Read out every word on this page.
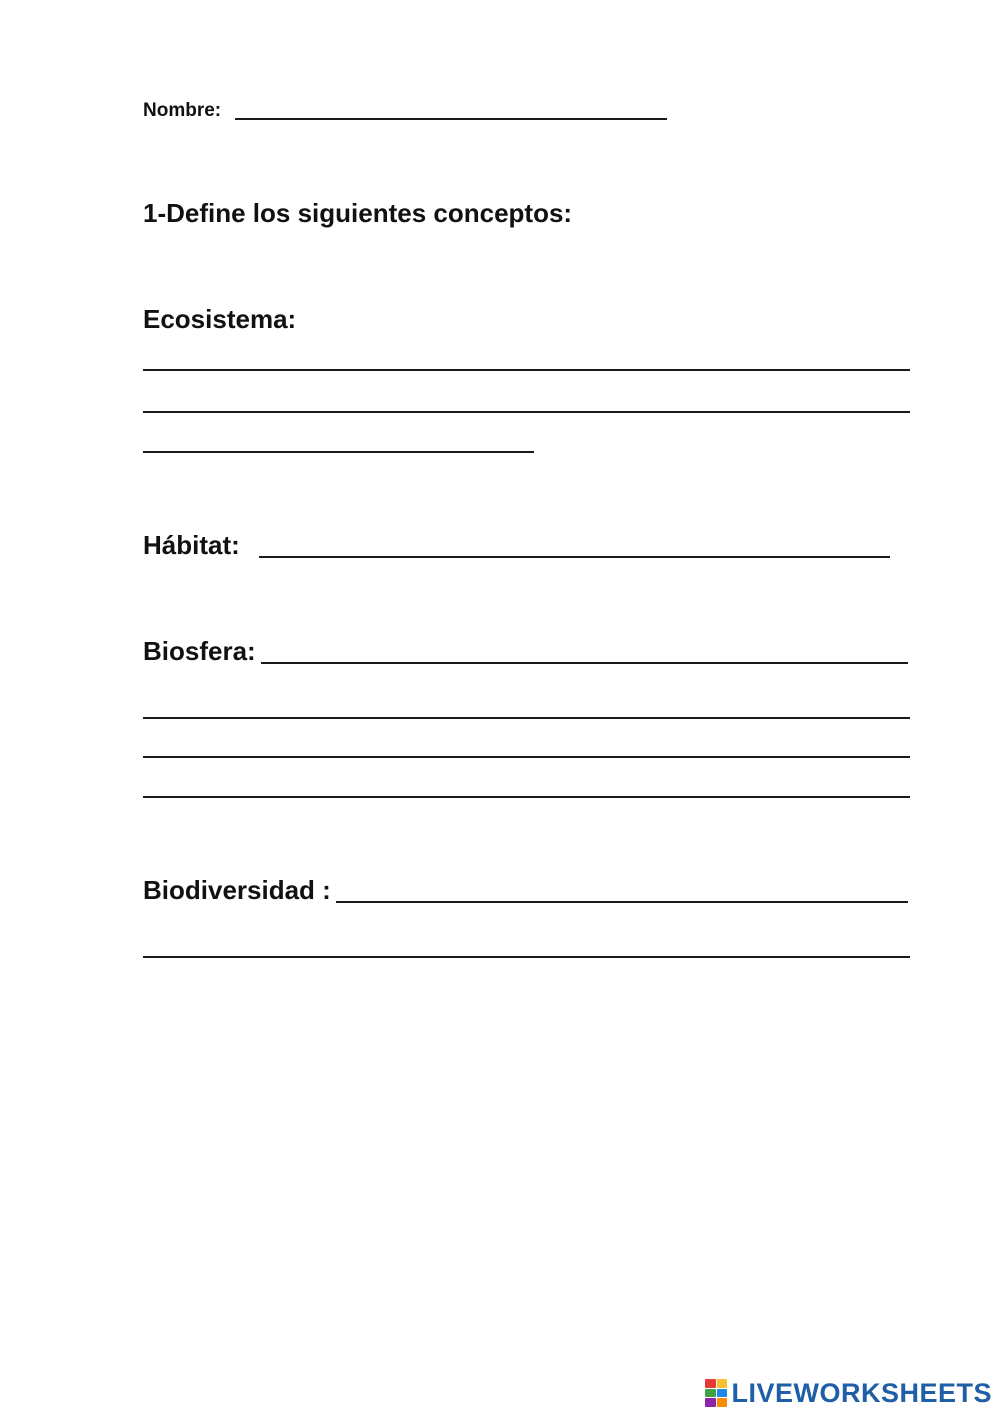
Nombre:
1-Define los siguientes conceptos:
Ecosistema:
Hábitat:
Biosfera:
Biodiversidad :
LIVEWORKSHEETS
